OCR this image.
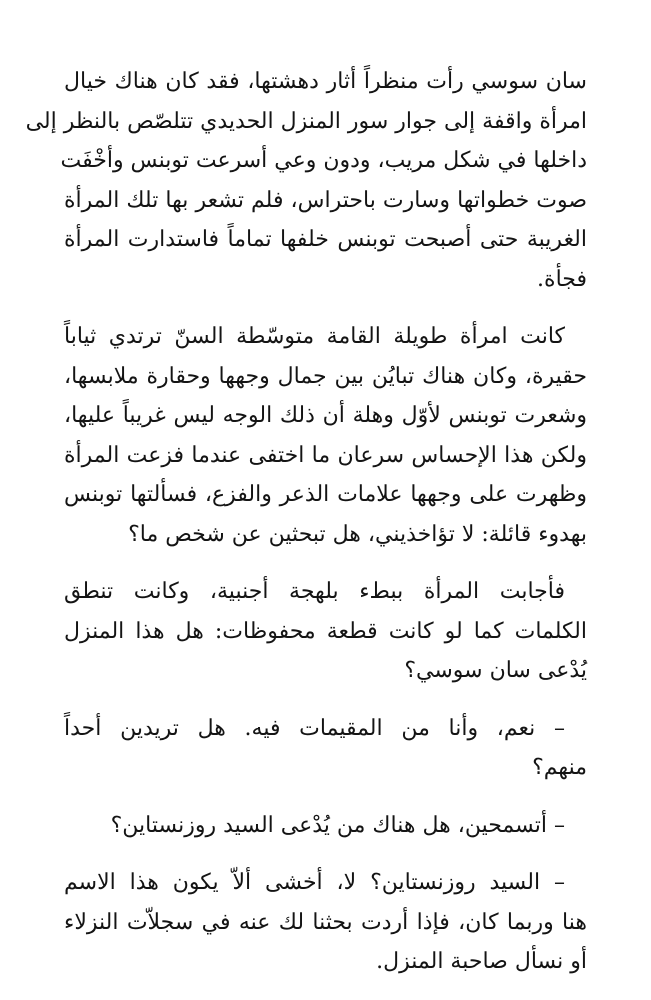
سان سوسي رأت منظراً أثار دهشتها، فقد كان هناك خيال
امرأة واقفة إلى جوار سور المنزل الحديدي تتلصّص بالنظر إلى
داخلها في شكل مريب، ودون وعي أسرعت توبنس وأخْفَت
صوت خطواتها وسارت باحتراس، فلم تشعر بها تلك المرأة
الغريبة حتى أصبحت توبنس خلفها تماماً فاستدارت المرأة
فجأة.

كانت امرأة طويلة القامة متوسّطة السنّ ترتدي ثياباً
حقيرة، وكان هناك تبايُن بين جمال وجهها وحقارة ملابسها،
وشعرت توبنس لأوّل وهلة أن ذلك الوجه ليس غريباً عليها،
ولكن هذا الإحساس سرعان ما اختفى عندما فزعت المرأة
وظهرت على وجهها علامات الذعر والفزع، فسألتها توبنس
بهدوء قائلة: لا تؤاخذيني، هل تبحثين عن شخص ما؟

فأجابت المرأة ببطء بلهجة أجنبية، وكانت تنطق
الكلمات كما لو كانت قطعة محفوظات: هل هذا المنزل
يُدْعى سان سوسي؟

– نعم، وأنا من المقيمات فيه. هل تريدين أحداً
منهم؟

– أتسمحين، هل هناك من يُدْعى السيد روزنستاين؟

– السيد روزنستاين؟ لا، أخشى ألاّ يكون هذا الاسم
هنا وربما كان، فإذا أردت بحثنا لك عنه في سجلاّت النزلاء
أو نسأل صاحبة المنزل.
